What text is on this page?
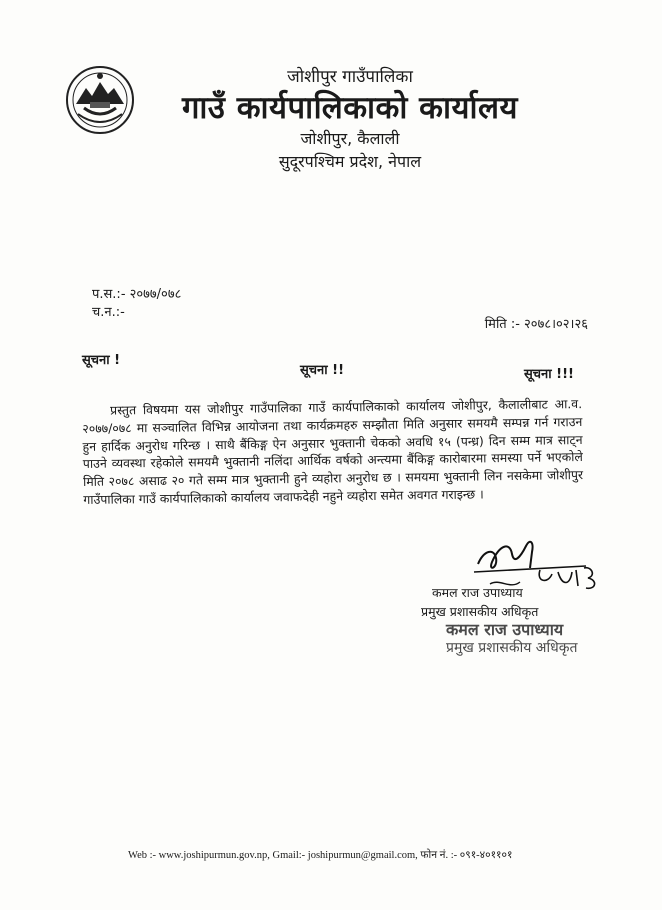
जोशीपुर गाउँपालिका
गाउँ कार्यपालिकाको कार्यालय
जोशीपुर, कैलाली
सुदूरपश्चिम प्रदेश, नेपाल
प.स.:- २०७७/०७८
च.न.:-
मिति :- २०७८।०२।२६
सूचना !
सूचना !!	सूचना !!!
प्रस्तुत विषयमा यस जोशीपुर गाउँपालिका गाउँ कार्यपालिकाको कार्यालय जोशीपुर, कैलालीबाट आ.व. २०७७/०७८ मा सञ्चालित विभिन्न आयोजना तथा कार्यक्रमहरु सम्झौता मिति अनुसार समयमै सम्पन्न गर्न गराउन हुन हार्दिक अनुरोध गरिन्छ । साथै बैंकिङ्ग ऐन अनुसार भुक्तानी चेकको अवधि १५ (पन्ध्र) दिन सम्म मात्र साट्न पाउने व्यवस्था रहेकोले समयमै भुक्तानी नलिंदा आर्थिक वर्षको अन्त्यमा बैंकिङ्ग कारोबारमा समस्या पर्ने भएकोले मिति २०७८ असाढ २० गते सम्म मात्र भुक्तानी हुने व्यहोरा अनुरोध छ । समयमा भुक्तानी लिन नसकेमा जोशीपुर गाउँपालिका गाउँ कार्यपालिकाको कार्यालय जवाफदेही नहुने व्यहोरा समेत अवगत गराइन्छ ।
कमल राज उपाध्याय
प्रमुख प्रशासकीय अधिकृत
कमल राज उपाध्याय
प्रमुख प्रशासकीय अधिकृत
Web :- www.joshipurmun.gov.np, Gmail:- joshipurmun@gmail.com, फोन नं. :- ०९१-४०११०१
